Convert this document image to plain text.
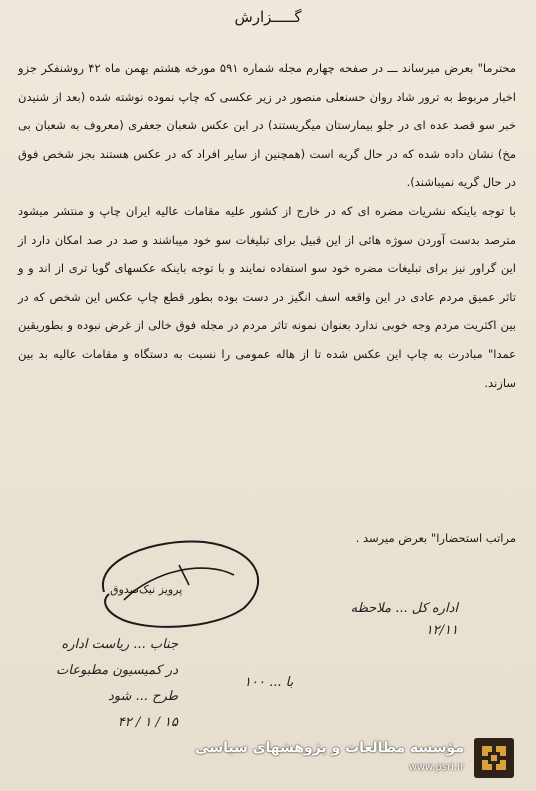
گـــــزارش

محترما" بعرض میرساند ـــ در صفحه چهارم مجله شماره ۵۹۱ مورخه هشتم بهمن ماه ۴۲ روشنفکر جزو اخبار مربوط به ترور شاد روان حسنعلی منصور در زیر عکسی که چاپ نموده نوشته شده (بعد از شنیدن خبر سو قصد عده ای در جلو بیمارستان میگریستند) در این عکس شعبان جعفری (معروف به شعبان بی مخ) نشان داده شده که در حال گریه است (همچنین از سایر افراد که در عکس هستند بجز شخص فوق در حال گریه نمیباشند).

با توجه باینکه نشریات مضره ای که در خارج از کشور علیه مقامات عالیه ایران چاپ و منتشر میشود مترصد بدست آوردن سوژه هائی از این قبیل برای تبلیغات سو خود میباشند و صد در صد امکان دارد از این گراور نیز برای تبلیغات مضره خود سو استفاده نمایند و با توجه باینکه عکسهای گویا تری از اند و و تاثر عمیق مردم عادی در این واقعه اسف انگیز در دست بوده بطور قطع چاپ عکس این شخص که در بین اکثریت مردم وجه خوبی ندارد بعنوان نمونه تاثر مردم در مجله فوق خالی از غرض نبوده و بطوریقین عمدا" مبادرت به چاپ این عکس شده تا از هاله عمومی را نسبت به دستگاه و مقامات عالیه بد بین سازند.

مراتب استحضارا" بعرض میرسد .
پرویز نیک‌صدوق
اداره کل ... ملاحظه
۱۲/۱۱
جناب ... ریاست اداره
در کمیسیون مطبوعات
طرح ... شود
۱۵ / ۱ / ۴۲
با ... ۱۰۰
مؤسسه مطالعات و پژوهشهای سیاسی
www.psri.ir
